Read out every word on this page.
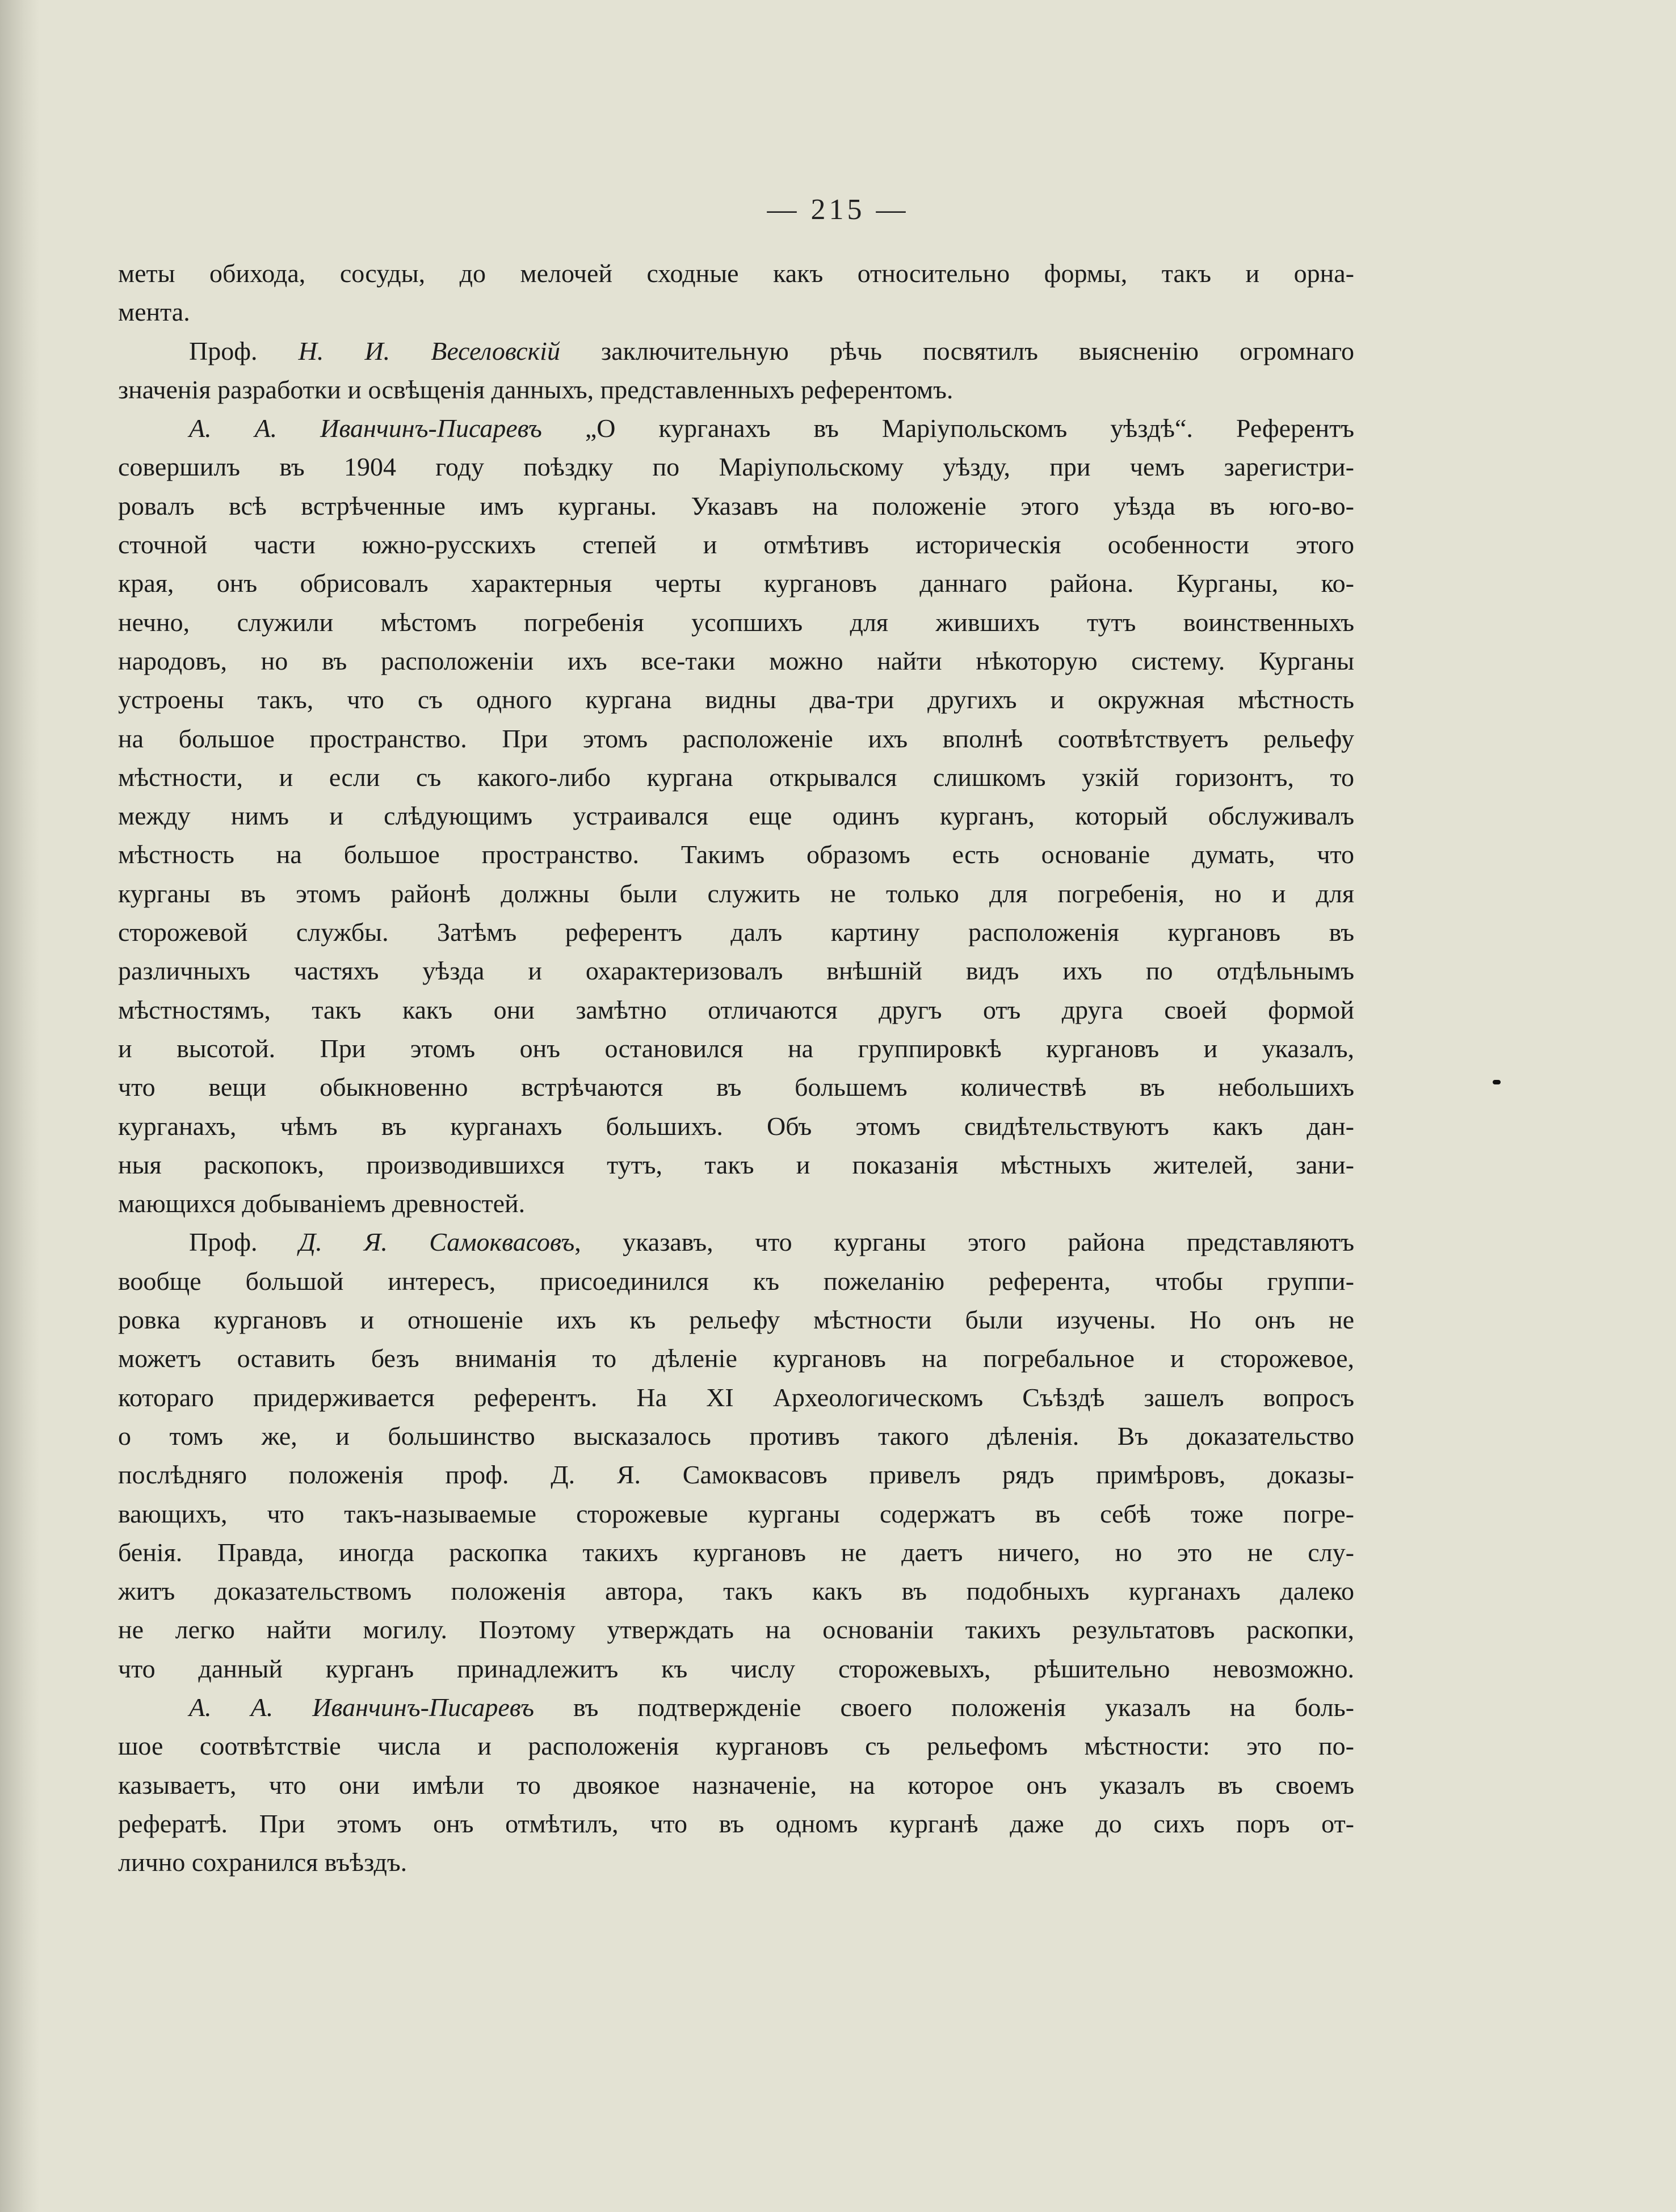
— 215 —
меты обихода, сосуды, до мелочей сходные какъ относительно формы, такъ и орна-
мента.
Проф. Н. И. Веселовскій заключительную рѣчь посвятилъ выясненію огромнаго
значенія разработки и освѣщенія данныхъ, представленныхъ референтомъ.
А. А. Иванчинъ-Писаревъ „О курганахъ въ Маріупольскомъ уѣздѣ“. Референтъ
совершилъ въ 1904 году поѣздку по Маріупольскому уѣзду, при чемъ зарегистри-
ровалъ всѣ встрѣченные имъ курганы. Указавъ на положеніе этого уѣзда въ юго-во-
сточной части южно-русскихъ степей и отмѣтивъ историческія особенности этого
края, онъ обрисовалъ характерныя черты кургановъ даннаго района. Курганы, ко-
нечно, служили мѣстомъ погребенія усопшихъ для жившихъ тутъ воинственныхъ
народовъ, но въ расположеніи ихъ все-таки можно найти нѣкоторую систему. Курганы
устроены такъ, что съ одного кургана видны два-три другихъ и окружная мѣстность
на большое пространство. При этомъ расположеніе ихъ вполнѣ соотвѣтствуетъ рельефу
мѣстности, и если съ какого-либо кургана открывался слишкомъ узкій горизонтъ, то
между нимъ и слѣдующимъ устраивался еще одинъ курганъ, который обслуживалъ
мѣстность на большое пространство. Такимъ образомъ есть основаніе думать, что
курганы въ этомъ районѣ должны были служить не только для погребенія, но и для
сторожевой службы. Затѣмъ референтъ далъ картину расположенія кургановъ въ
различныхъ частяхъ уѣзда и охарактеризовалъ внѣшній видъ ихъ по отдѣльнымъ
мѣстностямъ, такъ какъ они замѣтно отличаются другъ отъ друга своей формой
и высотой. При этомъ онъ остановился на группировкѣ кургановъ и указалъ,
что вещи обыкновенно встрѣчаются въ большемъ количествѣ въ небольшихъ
курганахъ, чѣмъ въ курганахъ большихъ. Объ этомъ свидѣтельствуютъ какъ дан-
ныя раскопокъ, производившихся тутъ, такъ и показанія мѣстныхъ жителей, зани-
мающихся добываніемъ древностей.
Проф. Д. Я. Самоквасовъ, указавъ, что курганы этого района представляютъ
вообще большой интересъ, присоединился къ пожеланію референта, чтобы группи-
ровка кургановъ и отношеніе ихъ къ рельефу мѣстности были изучены. Но онъ не
можетъ оставить безъ вниманія то дѣленіе кургановъ на погребальное и сторожевое,
котораго придерживается референтъ. На XI Археологическомъ Съѣздѣ зашелъ вопросъ
о томъ же, и большинство высказалось противъ такого дѣленія. Въ доказательство
послѣдняго положенія проф. Д. Я. Самоквасовъ привелъ рядъ примѣровъ, доказы-
вающихъ, что такъ-называемые сторожевые курганы содержатъ въ себѣ тоже погре-
бенія. Правда, иногда раскопка такихъ кургановъ не даетъ ничего, но это не слу-
житъ доказательствомъ положенія автора, такъ какъ въ подобныхъ курганахъ далеко
не легко найти могилу. Поэтому утверждать на основаніи такихъ результатовъ раскопки,
что данный курганъ принадлежитъ къ числу сторожевыхъ, рѣшительно невозможно.
А. А. Иванчинъ-Писаревъ въ подтвержденіе своего положенія указалъ на боль-
шое соотвѣтствіе числа и расположенія кургановъ съ рельефомъ мѣстности: это по-
казываетъ, что они имѣли то двоякое назначеніе, на которое онъ указалъ въ своемъ
рефератѣ. При этомъ онъ отмѣтилъ, что въ одномъ курганѣ даже до сихъ поръ от-
лично сохранился въѣздъ.
